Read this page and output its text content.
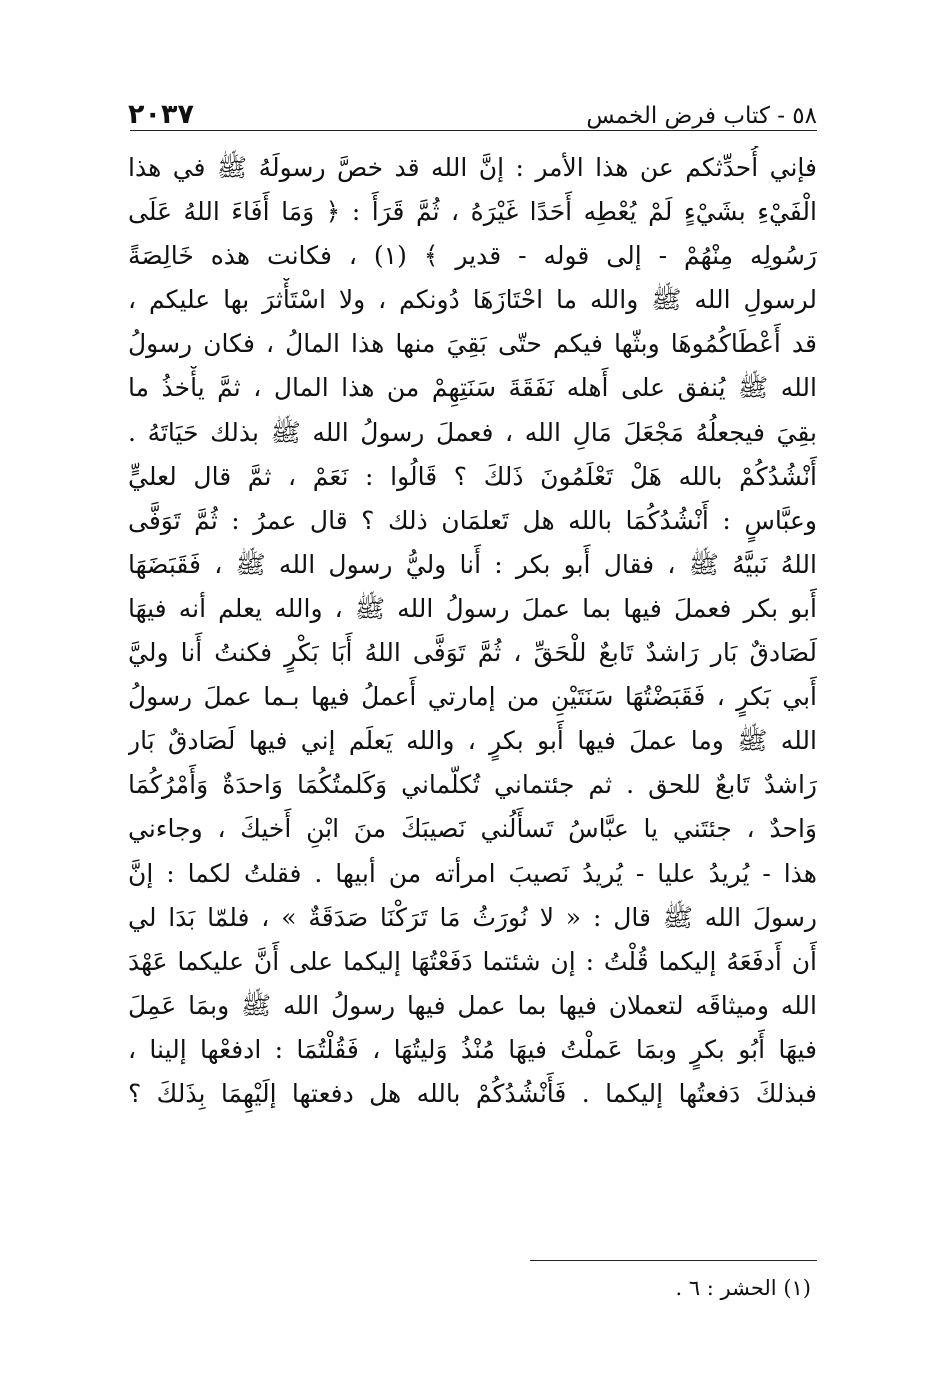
٢٠٣٧	٥٨ - كتاب فرض الخمس
فإني أُحدِّثكم عن هذا الأمر : إنَّ الله قد خصَّ رسولَهُ ﷺ في هذا
الْفَيْءِ بشَيْءٍ لَمْ يُعْطِه أَحَدًا غَيْرَهُ ، ثُمَّ قَرَأَ : ﴿ وَمَا أَفَاءَ اللهُ عَلَى
رَسُولِه مِنْهُمْ - إلى قوله - قدير ﴾ (١) ، فكانت هذه خَالِصَةً
لرسولِ الله ﷺ والله ما احْتَازَهَا دُونكم ، ولا اسْتَأْثرَ بها عليكم ،
قد أَعْطَاكُمُوهَا وبثّها فيكم حتّى بَقِيَ منها هذا المالُ ، فكان رسولُ
الله ﷺ يُنفق على أَهله نَفَقَةَ سَنَتِهِمْ من هذا المال ، ثمَّ يأْخذُ ما
بقِيَ فيجعلُهُ مَجْعَلَ مَالِ الله ، فعملَ رسولُ الله ﷺ بذلك حَيَاتَهُ .
أَنْشُدُكُمْ بالله هَلْ تَعْلَمُونَ ذَلكَ ؟ قَالُوا : نَعَمْ ، ثمَّ قال لعليٍّ
وعبَّاسٍ : أَنْشُدُكُمَا بالله هل تَعلمَان ذلك ؟ قال عمرُ : ثُمَّ تَوَفَّى
اللهُ نَبيَّهُ ﷺ ، فقال أَبو بكر : أَنا وليُّ رسول الله ﷺ ، فَقَبَضَهَا
أَبو بكر فعملَ فيها بما عملَ رسولُ الله ﷺ ، والله يعلم أنه فيهَا
لَصَادقٌ بَار رَاشدٌ تَابعٌ للْحَقِّ ، ثُمَّ تَوَفَّى اللهُ أَبَا بَكْرٍ فكنتُ أَنا وليَّ
أَبي بَكرٍ ، فَقَبَضْتُهَا سَنَتَيْنِ من إمارتي أَعملُ فيها بـما عملَ رسولُ
الله ﷺ وما عملَ فيها أَبو بكرٍ ، والله يَعلَم إني فيها لَصَادقٌ بَار
رَاشدٌ تَابعٌ للحق . ثم جئتماني تُكلّماني وَكَلمتُكُمَا وَاحدَةٌ وَأَمْرُكُمَا
وَاحدٌ ، جئتَني يا عبَّاسُ تَسأَلُني نَصيبَكَ منَ ابْنِ أَخيكَ ، وجاءني
هذا - يُريدُ عليا - يُريدُ نَصيبَ امرأته من أبيها . فقلتُ لكما : إنَّ
رسولَ الله ﷺ قال : « لا نُورَثُ مَا تَرَكْنَا صَدَقَةٌ » ، فلمّا بَدَا لي
أَن أَدفَعَهُ إليكما قُلْتُ : إن شئتما دَفَعْتُهَا إليكما على أَنَّ عليكما عَهْدَ
الله وميثاقَه لتعملان فيها بما عمل فيها رسولُ الله ﷺ وبمَا عَمِلَ
فيهَا أَبُو بكرٍ وبمَا عَملْتُ فيهَا مُنْذُ وَليتُهَا ، فَقُلْتُمَا : ادفعْها إلينا ،
فبذلكَ دَفعتُها إليكما . فَأَنْشُدُكُمْ بالله هل دفعتها إلَيْهِمَا بِذَلكَ ؟
(١) الحشر : ٦ .
